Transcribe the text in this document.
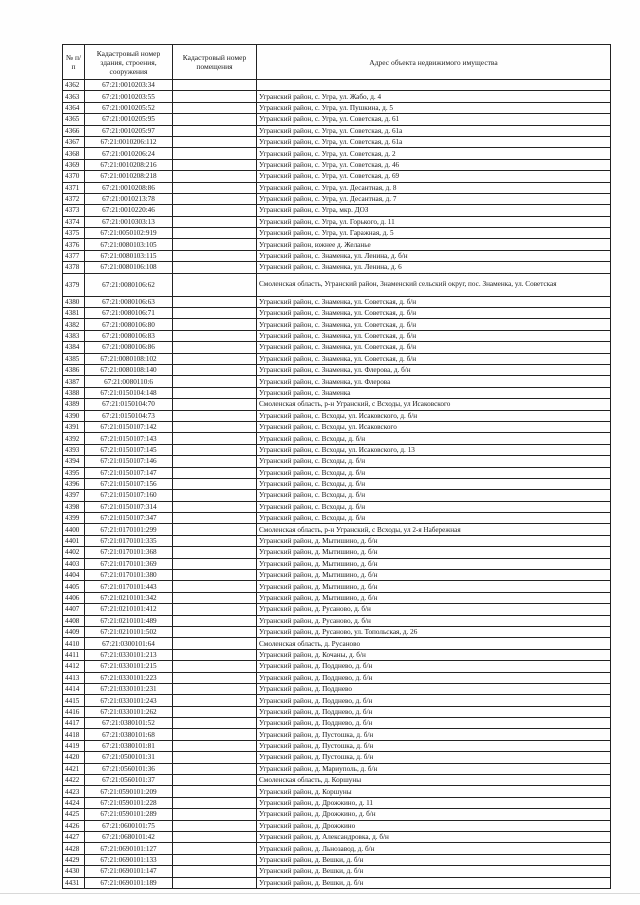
№ п/п	Кадастровый номер здания, строения, сооружения	Кадастровый номер помещения	Адрес объекта недвижимого имущества
4362	67:21:0010203:34		
4363	67:21:0010203:55		Угранский район, с. Угра, ул. Жабо, д. 4
4364	67:21:0010205:52		Угранский район, с. Угра, ул. Пушкина, д. 5
4365	67:21:0010205:95		Угранский район, с. Угра, ул. Советская, д. 61
4366	67:21:0010205:97		Угранский район, с. Угра, ул. Советская, д. 61а
4367	67:21:0010206:112		Угранский район, с. Угра, ул. Советская, д. 61а
4368	67:21:0010206:24		Угранский район, с. Угра, ул. Советская, д. 2
4369	67:21:0010208:216		Угранский район, с. Угра, ул. Советская, д. 46
4370	67:21:0010208:218		Угранский район, с. Угра, ул. Советская, д. 69
4371	67:21:0010208:86		Угранский район, с. Угра, ул. Десантная, д. 8
4372	67:21:0010213:78		Угранский район, с. Угра, ул. Десантная, д. 7
4373	67:21:0010220:46		Угранский район, с. Угра, мкр. ДОЗ
4374	67:21:0010303:13		Угранский район, с. Угра, ул. Горького, д. 11
4375	67:21:0050102:919		Угранский район, с. Угра, ул. Гаражная, д. 5
4376	67:21:0080103:105		Угранский район, южнее д. Желанье
4377	67:21:0080103:115		Угранский район, с. Знаменка, ул. Ленина, д. б/н
4378	67:21:0080106:108		Угранский район, с. Знаменка, ул. Ленина, д. 6
4379	67:21:0080106:62		Смоленская область, Угранский район, Знаменский сельский округ, пос. Знаменка, ул. Советская
4380	67:21:0080106:63		Угранский район, с. Знаменка, ул. Советская, д. б/н
4381	67:21:0080106:71		Угранский район, с. Знаменка, ул. Советская, д. б/н
4382	67:21:0080106:80		Угранский район, с. Знаменка, ул. Советская, д. б/н
4383	67:21:0080106:83		Угранский район, с. Знаменка, ул. Советская, д. б/н
4384	67:21:0080106:86		Угранский район, с. Знаменка, ул. Советская, д. б/н
4385	67:21:0080108:102		Угранский район, с. Знаменка, ул. Советская, д. б/н
4386	67:21:0080108:140		Угранский район, с. Знаменка, ул. Флерова, д. б/н
4387	67:21:0080110:6		Угранский район, с. Знаменка, ул. Флерова
4388	67:21:0150104:148		Угранский район, с. Знаменка
4389	67:21:0150104:70		Смоленская область, р-н Угранский, с Всходы, ул Исаковского
4390	67:21:0150104:73		Угранский район, с. Всходы, ул. Исаковского, д. б/н
4391	67:21:0150107:142		Угранский район, с. Всходы, ул. Исаковского
4392	67:21:0150107:143		Угранский район, с. Всходы, д. б/н
4393	67:21:0150107:145		Угранский район, с. Всходы, ул. Исаковского, д. 13
4394	67:21:0150107:146		Угранский район, с. Всходы, д. б/н
4395	67:21:0150107:147		Угранский район, с. Всходы, д. б/н
4396	67:21:0150107:156		Угранский район, с. Всходы, д. б/н
4397	67:21:0150107:160		Угранский район, с. Всходы, д. б/н
4398	67:21:0150107:314		Угранский район, с. Всходы, д. б/н
4399	67:21:0150107:347		Угранский район, с. Всходы, д. б/н
4400	67:21:0170101:299		Смоленская область, р-н Угранский, с Всходы, ул 2-я Набережная
4401	67:21:0170101:335		Угранский район, д. Мытишино, д. б/н
4402	67:21:0170101:368		Угранский район, д. Мытишино, д. б/н
4403	67:21:0170101:369		Угранский район, д. Мытишино, д. б/н
4404	67:21:0170101:380		Угранский район, д. Мытишино, д. б/н
4405	67:21:0170101:443		Угранский район, д. Мытишино, д. б/н
4406	67:21:0210101:342		Угранский район, д. Мытишино, д. б/н
4407	67:21:0210101:412		Угранский район, д. Русаново, д. б/н
4408	67:21:0210101:489		Угранский район, д. Русаново, д. б/н
4409	67:21:0210101:502		Угранский район, д. Русаново, ул. Топольская, д. 26
4410	67:21:0300101:64		Смоленская область, д. Русаново
4411	67:21:0330101:213		Угранский район, д. Кочаны, д. б/н
4412	67:21:0330101:215		Угранский район, д. Подднево, д. б/н
4413	67:21:0330101:223		Угранский район, д. Подднево, д. б/н
4414	67:21:0330101:231		Угранский район, д. Подднево
4415	67:21:0330101:243		Угранский район, д. Подднево, д. б/н
4416	67:21:0330101:262		Угранский район, д. Подднево, д. б/н
4417	67:21:0380101:52		Угранский район, д. Подднево, д. б/н
4418	67:21:0380101:68		Угранский район, д. Пустошка, д. б/н
4419	67:21:0380101:81		Угранский район, д. Пустошка, д. б/н
4420	67:21:0500101:31		Угранский район, д. Пустошка, д. б/н
4421	67:21:0560101:36		Угранский район, д. Мариуполь, д. б/н
4422	67:21:0560101:37		Смоленская область, д. Коршуны
4423	67:21:0590101:209		Угранский район, д. Коршуны
4424	67:21:0590101:228		Угранский район, д. Дрожжино, д. 11
4425	67:21:0590101:289		Угранский район, д. Дрожжино, д. б/н
4426	67:21:0600101:75		Угранский район, д. Дрожжино
4427	67:21:0680101:42		Угранский район, д. Александровка, д. б/н
4428	67:21:0690101:127		Угранский район, д. Льнозавод, д. б/н
4429	67:21:0690101:133		Угранский район, д. Вешки, д. б/н
4430	67:21:0690101:147		Угранский район, д. Вешки, д. б/н
4431	67:21:0690101:189		Угранский район, д. Вешки, д. б/н
